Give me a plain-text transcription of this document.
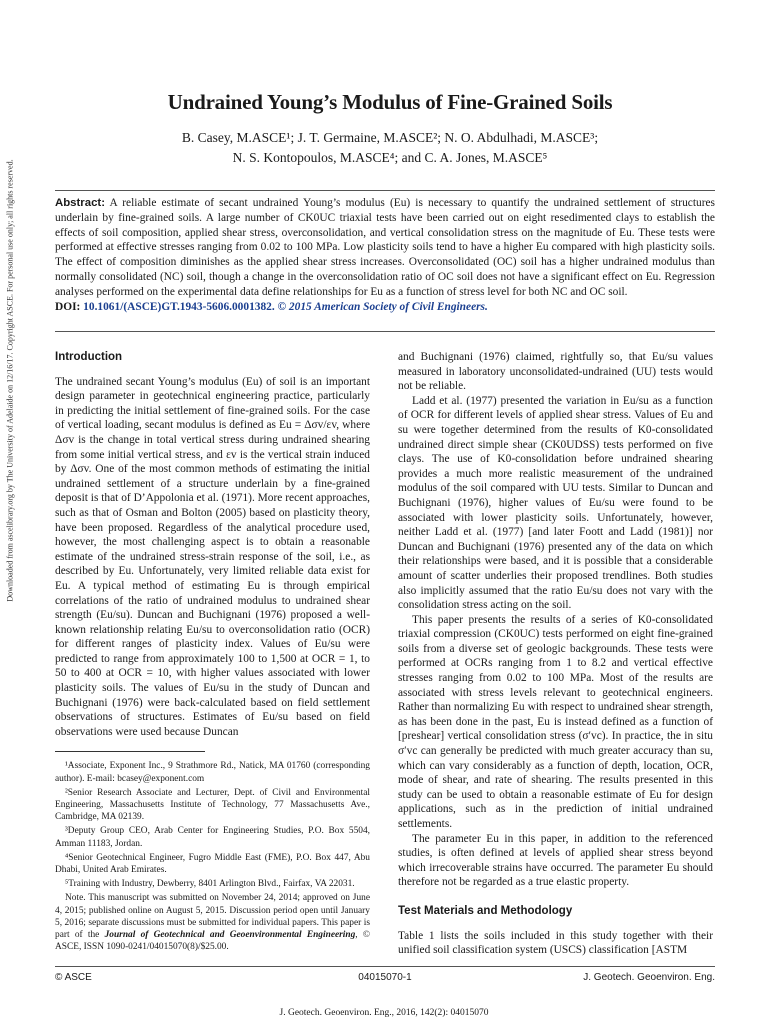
Downloaded from ascelibrary.org by The University of Adelaide on 12/16/17. Copyright ASCE. For personal use only; all rights reserved.
Undrained Young’s Modulus of Fine-Grained Soils
B. Casey, M.ASCE¹; J. T. Germaine, M.ASCE²; N. O. Abdulhadi, M.ASCE³;
N. S. Kontopoulos, M.ASCE⁴; and C. A. Jones, M.ASCE⁵
Abstract: A reliable estimate of secant undrained Young’s modulus (Eu) is necessary to quantify the undrained settlement of structures underlain by fine-grained soils. A large number of CK0UC triaxial tests have been carried out on eight resedimented clays to establish the effects of soil composition, applied shear stress, overconsolidation, and vertical consolidation stress on the magnitude of Eu. These tests were performed at effective stresses ranging from 0.02 to 100 MPa. Low plasticity soils tend to have a higher Eu compared with high plasticity soils. The effect of composition diminishes as the applied shear stress increases. Overconsolidated (OC) soil has a higher undrained modulus than normally consolidated (NC) soil, though a change in the overconsolidation ratio of OC soil does not have a significant effect on Eu. Regression analyses performed on the experimental data define relationships for Eu as a function of stress level for both NC and OC soil.
DOI: 10.1061/(ASCE)GT.1943-5606.0001382. © 2015 American Society of Civil Engineers.
Introduction

The undrained secant Young’s modulus (Eu) of soil is an important design parameter in geotechnical engineering practice, particularly in predicting the initial settlement of fine-grained soils. For the case of vertical loading, secant modulus is defined as Eu = Δσv/εv, where Δσv is the change in total vertical stress during undrained shearing from some initial vertical stress, and εv is the vertical strain induced by Δσv. One of the most common methods of estimating the initial undrained settlement of a structure underlain by a fine-grained deposit is that of D’Appolonia et al. (1971). More recent approaches, such as that of Osman and Bolton (2005) based on plasticity theory, have been proposed. Regardless of the analytical procedure used, however, the most challenging aspect is to obtain a reasonable estimate of the undrained stress-strain response of the soil, i.e., as described by Eu. Unfortunately, very limited reliable data exist for Eu. A typical method of estimating Eu is through empirical correlations of the ratio of undrained modulus to undrained shear strength (Eu/su). Duncan and Buchignani (1976) proposed a well-known relationship relating Eu/su to overconsolidation ratio (OCR) for different ranges of plasticity index. Values of Eu/su were predicted to range from approximately 100 to 1,500 at OCR = 1, to 50 to 400 at OCR = 10, with higher values associated with lower plasticity soils. The values of Eu/su in the study of Duncan and Buchignani (1976) were back-calculated based on field settlement observations of structures. Estimates of Eu/su based on field observations were used because Duncan

¹Associate, Exponent Inc., 9 Strathmore Rd., Natick, MA 01760 (corresponding author). E-mail: bcasey@exponent.com

²Senior Research Associate and Lecturer, Dept. of Civil and Environmental Engineering, Massachusetts Institute of Technology, 77 Massachusetts Ave., Cambridge, MA 02139.

³Deputy Group CEO, Arab Center for Engineering Studies, P.O. Box 5504, Amman 11183, Jordan.

⁴Senior Geotechnical Engineer, Fugro Middle East (FME), P.O. Box 447, Abu Dhabi, United Arab Emirates.

⁵Training with Industry, Dewberry, 8401 Arlington Blvd., Fairfax, VA 22031.

Note. This manuscript was submitted on November 24, 2014; approved on June 4, 2015; published online on August 5, 2015. Discussion period open until January 5, 2016; separate discussions must be submitted for individual papers. This paper is part of the Journal of Geotechnical and Geoenvironmental Engineering, © ASCE, ISSN 1090-0241/04015070(8)/$25.00.

and Buchignani (1976) claimed, rightfully so, that Eu/su values measured in laboratory unconsolidated-undrained (UU) tests would not be reliable.

Ladd et al. (1977) presented the variation in Eu/su as a function of OCR for different levels of applied shear stress. Values of Eu and su were together determined from the results of K0-consolidated undrained direct simple shear (CK0UDSS) tests performed on five clays. The use of K0-consolidation before undrained shearing provides a much more realistic measurement of the undrained modulus of the soil compared with UU tests. Similar to Duncan and Buchignani (1976), higher values of Eu/su were found to be associated with lower plasticity soils. Unfortunately, however, neither Ladd et al. (1977) [and later Foott and Ladd (1981)] nor Duncan and Buchignani (1976) presented any of the data on which their relationships were based, and it is possible that a considerable amount of scatter underlies their proposed trendlines. Both studies also implicitly assumed that the ratio Eu/su does not vary with the consolidation stress acting on the soil.

This paper presents the results of a series of K0-consolidated triaxial compression (CK0UC) tests performed on eight fine-grained soils from a diverse set of geologic backgrounds. These tests were performed at OCRs ranging from 1 to 8.2 and vertical effective stresses ranging from 0.02 to 100 MPa. Most of the results are associated with stress levels relevant to geotechnical engineers. Rather than normalizing Eu with respect to undrained shear strength, as has been done in the past, Eu is instead defined as a function of [preshear] vertical consolidation stress (σ′vc). In practice, the in situ σ′vc can generally be predicted with much greater accuracy than su, which can vary considerably as a function of depth, location, OCR, mode of shear, and rate of shearing. The results presented in this study can be used to obtain a reasonable estimate of Eu for design applications, such as in the prediction of initial undrained settlements.

The parameter Eu in this paper, in addition to the referenced studies, is often defined at levels of applied shear stress beyond which irrecoverable strains have occurred. The parameter Eu should therefore not be regarded as a true elastic property.

Test Materials and Methodology

Table 1 lists the soils included in this study together with their unified soil classification system (USCS) classification [ASTM

© ASCE	04015070-1	J. Geotech. Geoenviron. Eng.
J. Geotech. Geoenviron. Eng., 2016, 142(2): 04015070
